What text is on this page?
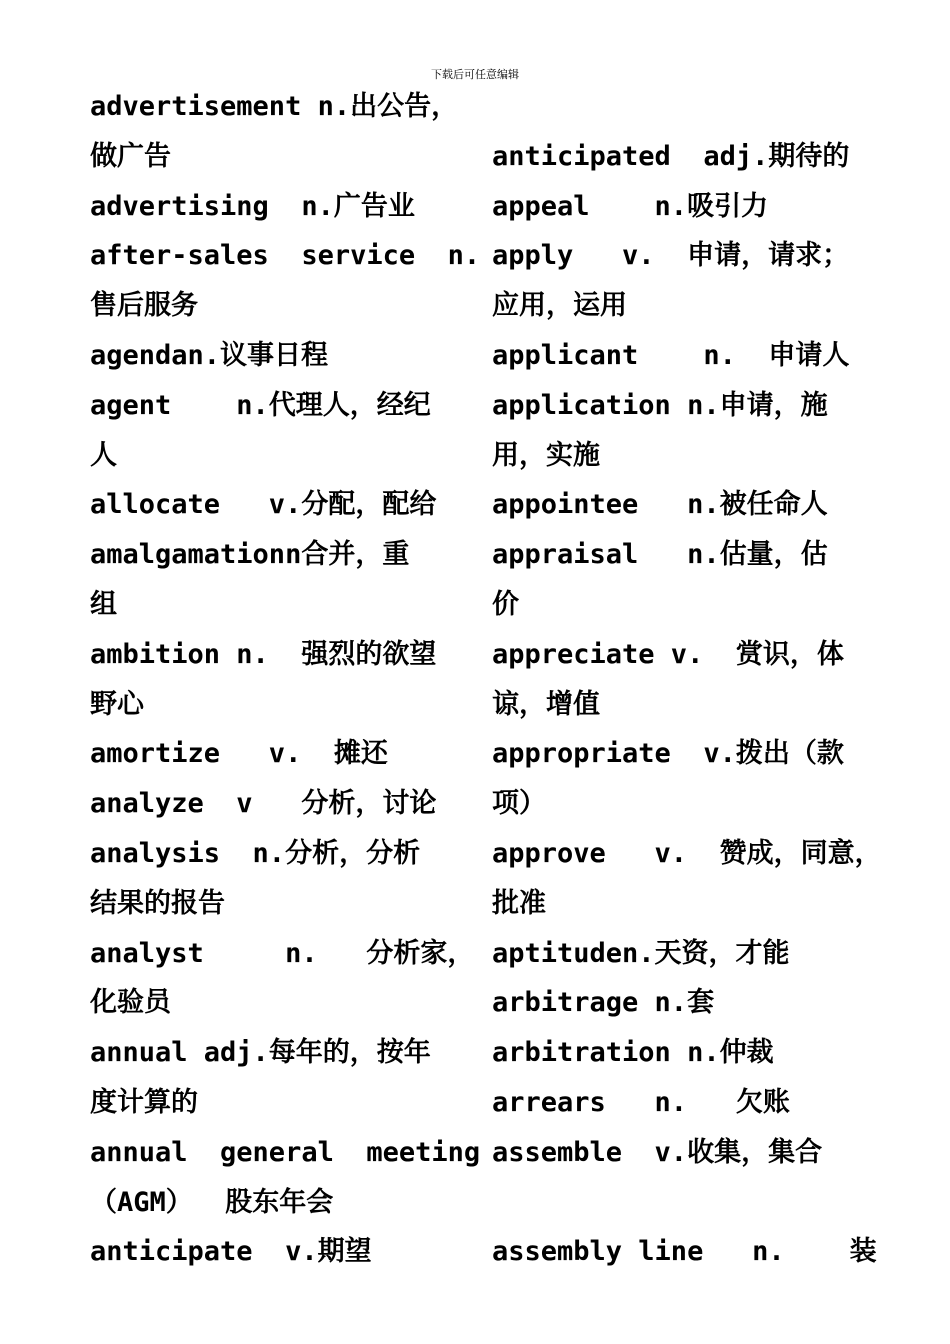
下载后可任意编辑
advertisement n.出公告，
做广告
advertising  n.广告业
after-sales  service  n.
售后服务
agendan.议事日程
agent    n.代理人，经纪
人
allocate   v.分配，配给
amalgamationn合并，重
组
ambition n.  强烈的欲望
野心
amortize   v.  摊还
analyze  v   分析，讨论
analysis  n.分析，分析
结果的报告
analyst     n.   分析家，
化验员
annual adj.每年的，按年
度计算的
annual  general  meeting
（AGM）  股东年会
anticipate  v.期望
anticipated  adj.期待的
appeal    n.吸引力
apply   v.  申请，请求；
应用，运用
applicant    n.  申请人
application n.申请，施
用，实施
appointee   n.被任命人
appraisal   n.估量，估
价
appreciate v.  赏识，体
谅，增值
appropriate  v.拨出（款
项）
approve   v.  赞成，同意，
批准
aptituden.天资，才能
arbitrage n.套
arbitration n.仲裁
arrears   n.   欠账
assemble  v.收集，集合
assembly line   n.    装
